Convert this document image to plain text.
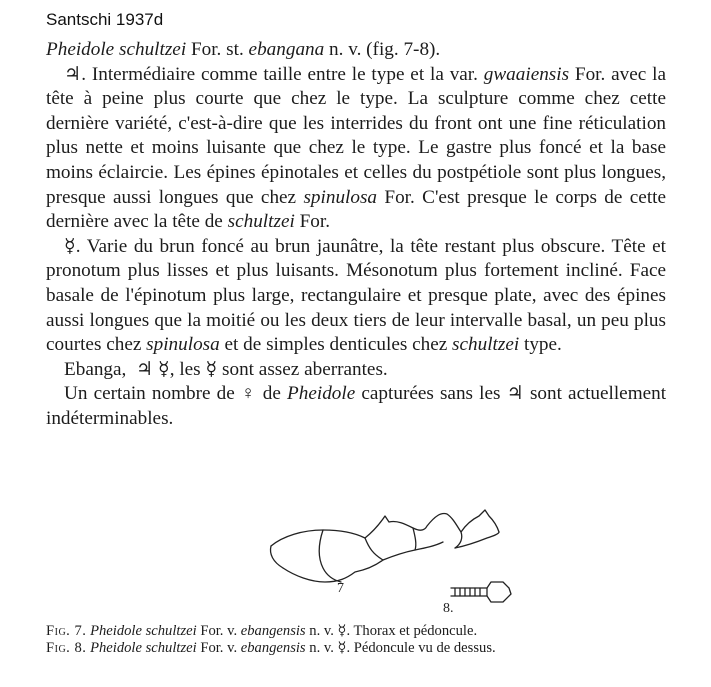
Santschi 1937d

Pheidole schultzei For. st. ebangana n. v. (fig. 7-8).

♃. Intermédiaire comme taille entre le type et la var. gwaaiensis For. avec la tête à peine plus courte que chez le type. La sculpture comme chez cette dernière variété, c'est-à-dire que les interrides du front ont une fine réticulation plus nette et moins luisante que chez le type. Le gastre plus foncé et la base moins éclaircie. Les épines épinotales et celles du postpétiole sont plus longues, presque aussi longues que chez spinulosa For. C'est presque le corps de cette dernière avec la tête de schultzei For.

☿. Varie du brun foncé au brun jaunâtre, la tête restant plus obscure. Tête et pronotum plus lisses et plus luisants. Mésonotum plus fortement incliné. Face basale de l'épinotum plus large, rectangulaire et presque plate, avec des épines aussi longues que la moitié ou les deux tiers de leur intervalle basal, un peu plus courtes chez spinulosa et de simples denticules chez schultzei type.

Ebanga, ♃ ☿, les ☿ sont assez aberrantes.

Un certain nombre de ♀ de Pheidole capturées sans les ♃ sont actuellement indéterminables.

7
8.
Fig. 7. Pheidole schultzei For. v. ebangensis n. v. ☿. Thorax et pédoncule.
Fig. 8. Pheidole schultzei For. v. ebangensis n. v. ☿. Pédoncule vu de dessus.
